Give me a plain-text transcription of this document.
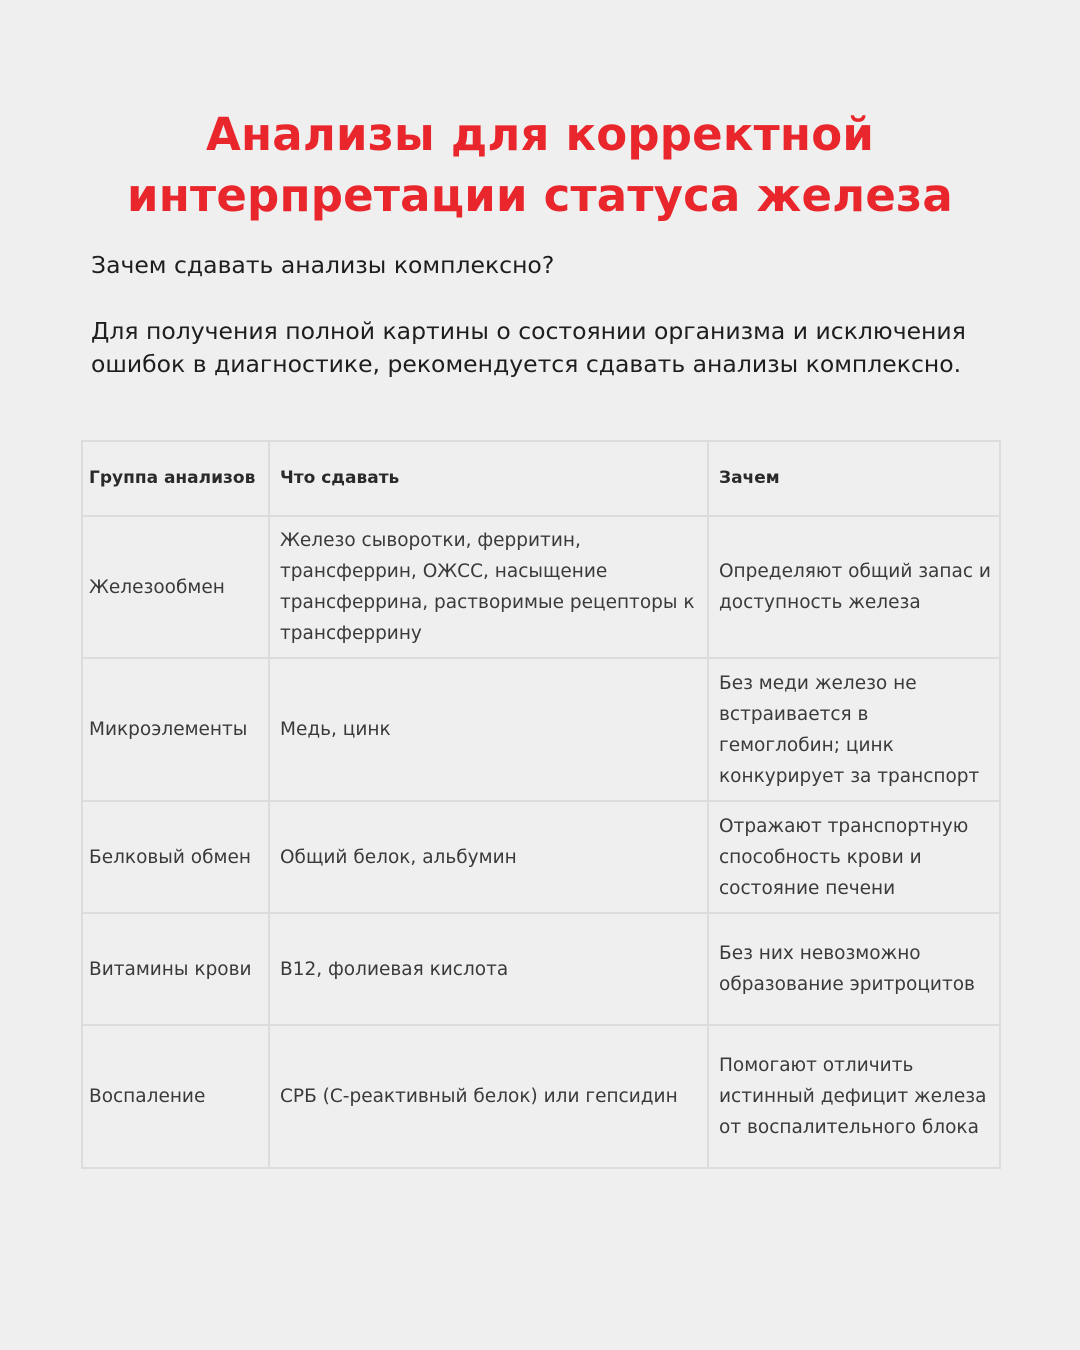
Анализы для корректной
интерпретации статуса железа

Зачем сдавать анализы комплексно?

Для получения полной картины о состоянии организма и исключения ошибок в диагностике, рекомендуется сдавать анализы комплексно.

Группа анализов	Что сдавать	Зачем
Железообмен	Железо сыворотки, ферритин, трансферрин, ОЖСС, насыщение трансферрина, растворимые рецепторы к трансферрину	Определяют общий запас и доступность железа
Микроэлементы	Медь, цинк	Без меди железо не встраивается в гемоглобин; цинк конкурирует за транспорт
Белковый обмен	Общий белок, альбумин	Отражают транспортную способность крови и состояние печени
Витамины крови	B12, фолиевая кислота	Без них невозможно образование эритроцитов
Воспаление	СРБ (С-реактивный белок) или гепсидин	Помогают отличить истинный дефицит железа от воспалительного блока
